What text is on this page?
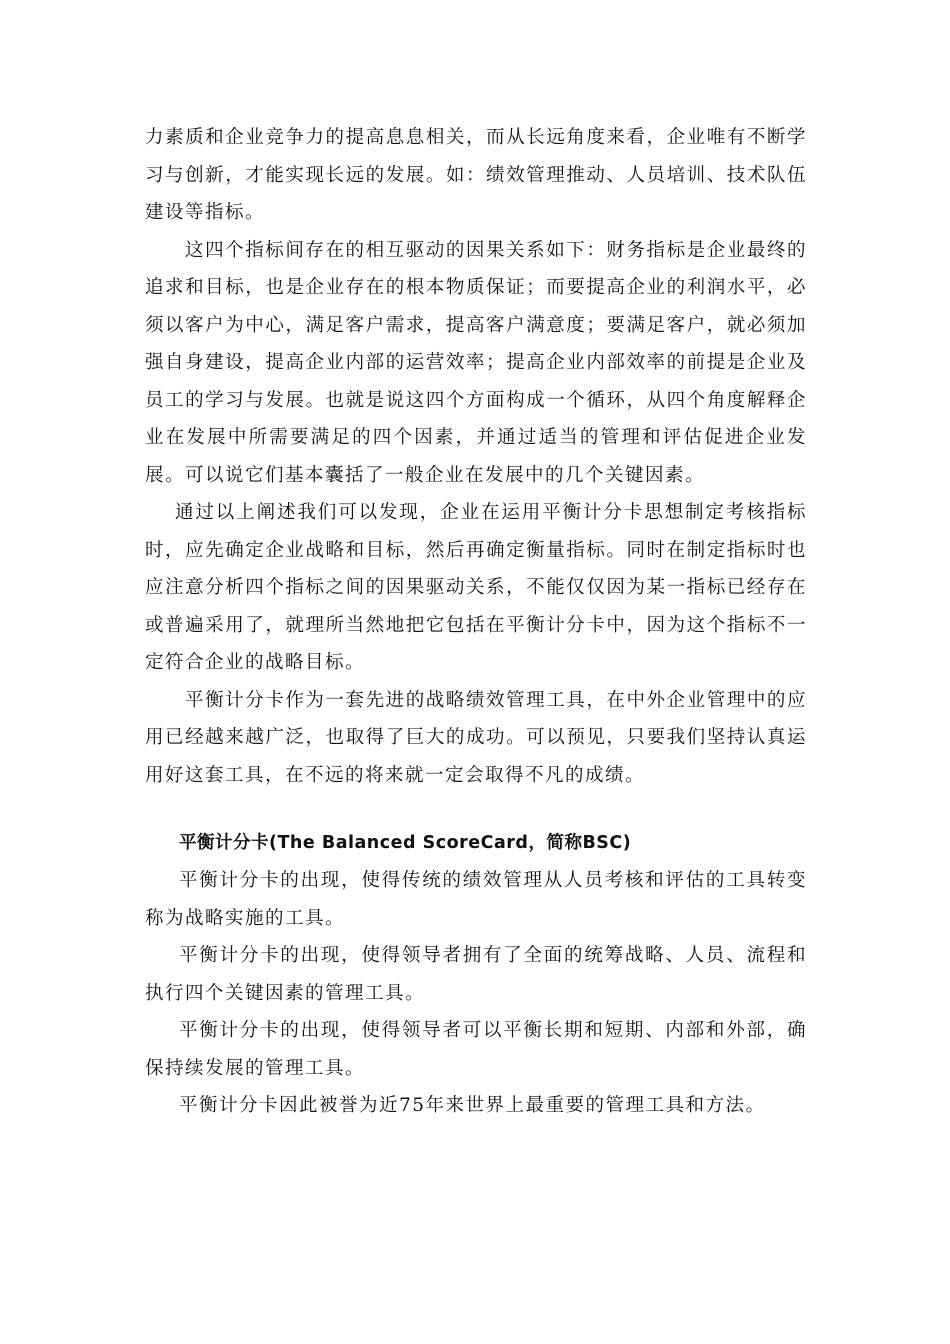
力素质和企业竞争力的提高息息相关，而从长远角度来看，企业唯有不断学习与创新，才能实现长远的发展。如：绩效管理推动、人员培训、技术队伍建设等指标。

这四个指标间存在的相互驱动的因果关系如下：财务指标是企业最终的追求和目标，也是企业存在的根本物质保证；而要提高企业的利润水平，必须以客户为中心，满足客户需求，提高客户满意度；要满足客户，就必须加强自身建设，提高企业内部的运营效率；提高企业内部效率的前提是企业及员工的学习与发展。也就是说这四个方面构成一个循环，从四个角度解释企业在发展中所需要满足的四个因素，并通过适当的管理和评估促进企业发展。可以说它们基本囊括了一般企业在发展中的几个关键因素。

通过以上阐述我们可以发现，企业在运用平衡计分卡思想制定考核指标时，应先确定企业战略和目标，然后再确定衡量指标。同时在制定指标时也应注意分析四个指标之间的因果驱动关系，不能仅仅因为某一指标已经存在或普遍采用了，就理所当然地把它包括在平衡计分卡中，因为这个指标不一定符合企业的战略目标。

平衡计分卡作为一套先进的战略绩效管理工具，在中外企业管理中的应用已经越来越广泛，也取得了巨大的成功。可以预见，只要我们坚持认真运用好这套工具，在不远的将来就一定会取得不凡的成绩。

平衡计分卡(The Balanced ScoreCard，简称BSC)

平衡计分卡的出现，使得传统的绩效管理从人员考核和评估的工具转变称为战略实施的工具。

平衡计分卡的出现，使得领导者拥有了全面的统筹战略、人员、流程和执行四个关键因素的管理工具。

平衡计分卡的出现，使得领导者可以平衡长期和短期、内部和外部，确保持续发展的管理工具。

平衡计分卡因此被誉为近75年来世界上最重要的管理工具和方法。
